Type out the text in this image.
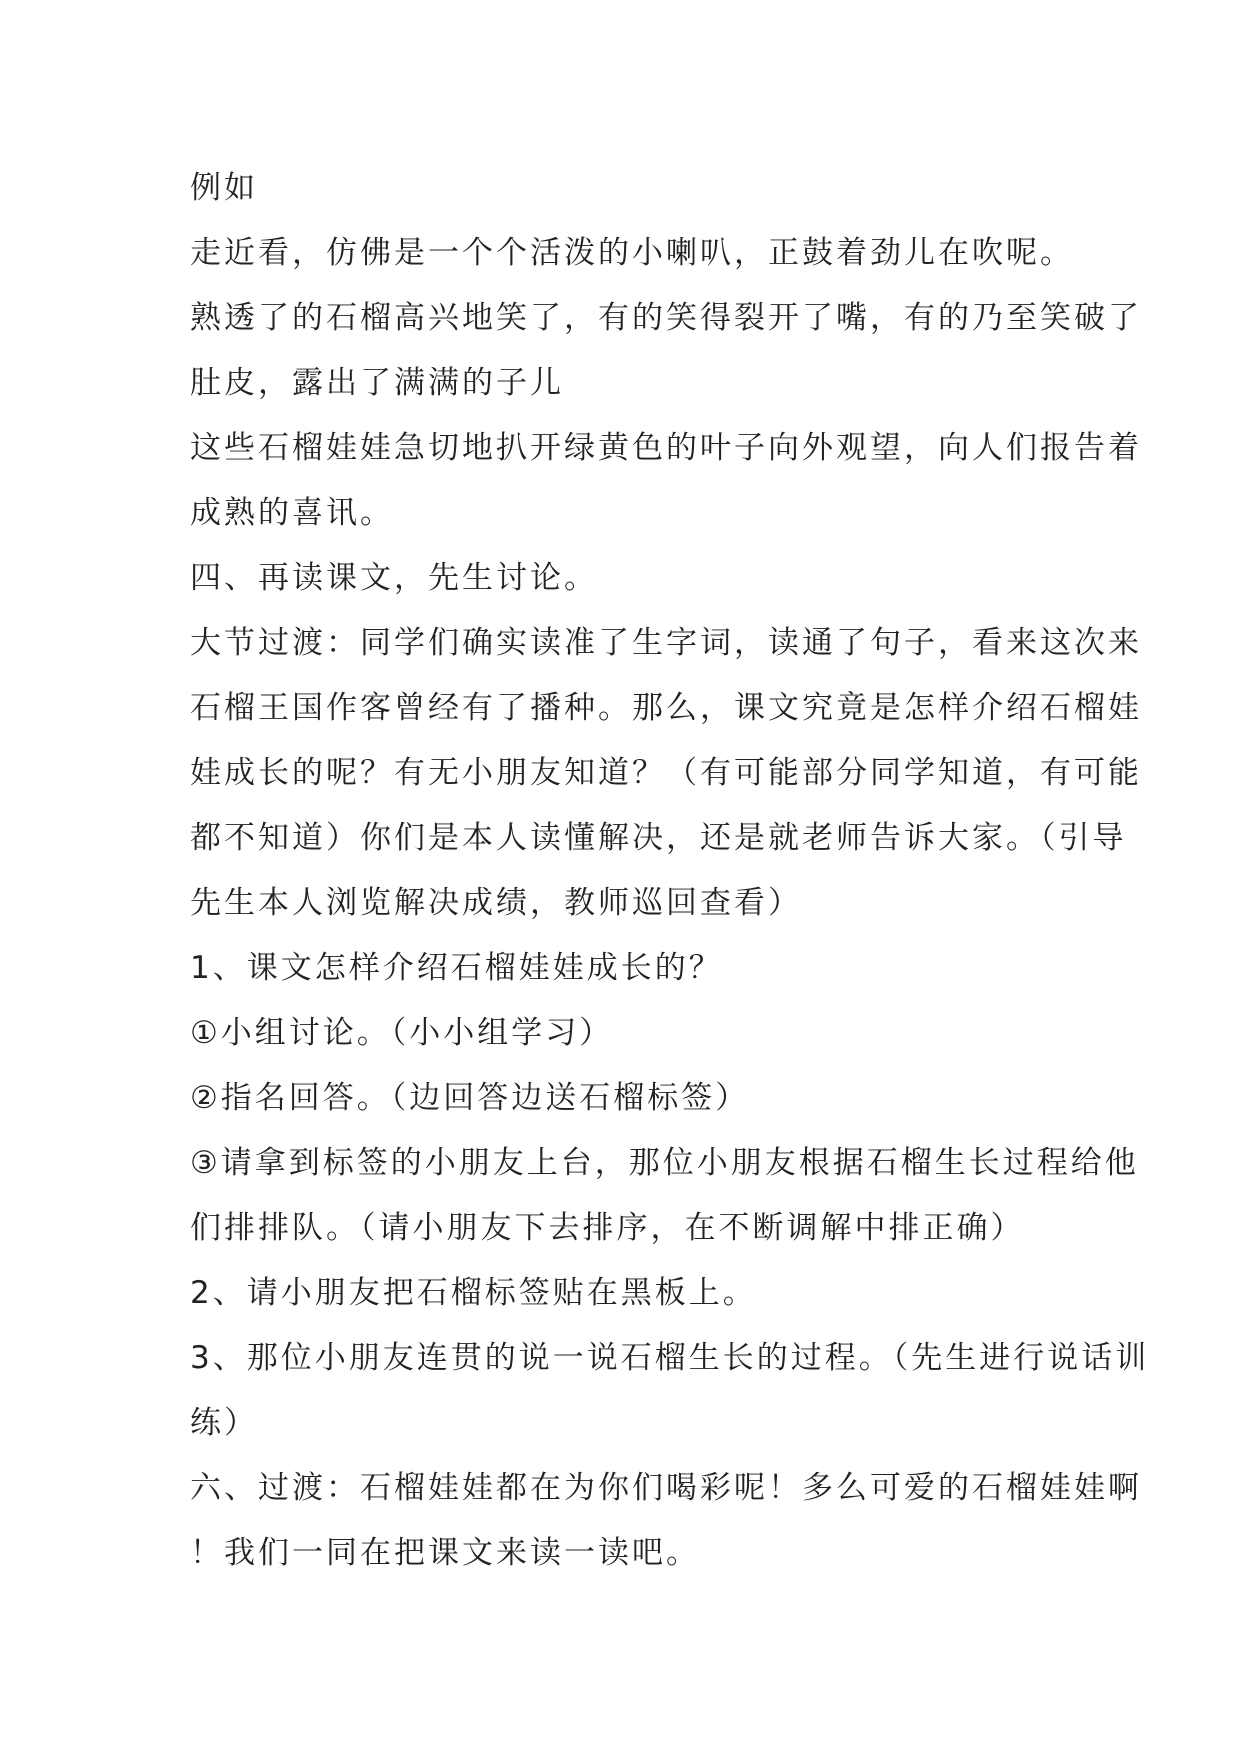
例如
走近看，仿佛是一个个活泼的小喇叭，正鼓着劲儿在吹呢。
熟透了的石榴高兴地笑了，有的笑得裂开了嘴，有的乃至笑破了
肚皮，露出了满满的子儿
这些石榴娃娃急切地扒开绿黄色的叶子向外观望，向人们报告着
成熟的喜讯。
四、再读课文，先生讨论。
大节过渡：同学们确实读准了生字词，读通了句子，看来这次来
石榴王国作客曾经有了播种。那么，课文究竟是怎样介绍石榴娃
娃成长的呢？有无小朋友知道？（有可能部分同学知道，有可能
都不知道）你们是本人读懂解决，还是就老师告诉大家。（引导
先生本人浏览解决成绩，教师巡回查看）
1、课文怎样介绍石榴娃娃成长的？
①小组讨论。（小小组学习）
②指名回答。（边回答边送石榴标签）
③请拿到标签的小朋友上台，那位小朋友根据石榴生长过程给他
们排排队。（请小朋友下去排序，在不断调解中排正确）
2、请小朋友把石榴标签贴在黑板上。
3、那位小朋友连贯的说一说石榴生长的过程。（先生进行说话训
练）
六、过渡：石榴娃娃都在为你们喝彩呢！多么可爱的石榴娃娃啊
！我们一同在把课文来读一读吧。
